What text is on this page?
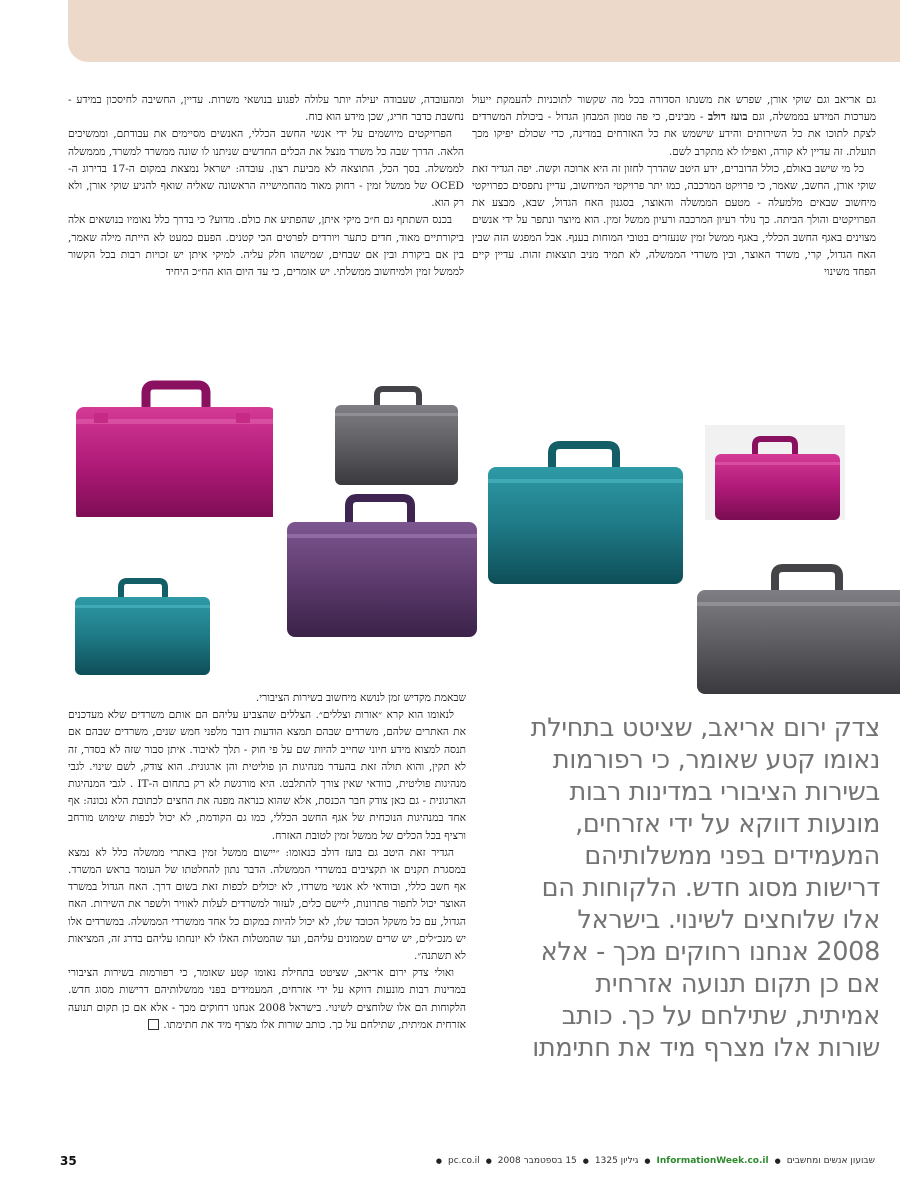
גם אריאב וגם שוקי אורן, שפרש את משנתו הסדורה בכל מה שקשור לתוכניות להעמקת ייעול מערכות המידע בממשלה, וגם בועז דולב - מבינים, כי פה טמון המבחן הגדול - ביכולת המשרדים לצקת לתוכו את כל השירותים והידע שישמש את כל האזרחים במדינה, כדי שכולם יפיקו מכך תועלת. זה עדיין לא קורה, ואפילו לא מתקרב לשם.

כל מי שישב באולם, כולל הדוברים, ידע היטב שהדרך לחזון זה היא ארוכה וקשה. יפה הגדיר זאת שוקי אורן, החשב, שאמר, כי פרויקט המרכבה, כמו יתר פרויקטי המיחשוב, עדיין נתפסים כפרויקטי מיחשוב שבאים מלמעלה - מטעם הממשלה והאוצר, בסגנון האח הגדול, שבא, מבצע את הפרויקטים והולך הביתה. כך נולד רעיון המרכבה ורעיון ממשל זמין. הוא מיוצר ונתפר על ידי אנשים מצוינים באגף החשב הכללי, באגף ממשל זמין שנעזרים בטובי המוחות בענף. אבל המפגש הזה שבין האח הגדול, קרי, משרד האוצר, ובין משרדי הממשלה, לא תמיד מניב תוצאות זהות. עדיין קיים הפחד משינוי

ומהעובדה, שעבודה יעילה יותר עלולה לפגוע בנושאי משרות. עדיין, החשיבה לחיסכון במידע - נחשבת כדבר חריג, שכן מידע הוא כוח.

הפרויקטים מיושמים על ידי אנשי החשב הכללי, האנשים מסיימים את עבודתם, וממשיכים הלאה. הדרך שבה כל משרד מנצל את הכלים החדשים שניתנו לו שונה ממשרד למשרד, מממשלה לממשלה. בסך הכל, התוצאה לא מביעת רצון. עובדה: ישראל נמצאת במקום ה-17 בדירוג ה-OCED של ממשל זמין - רחוק מאוד מהחמישייה הראשונה שאליה שואף להגיע שוקי אורן, ולא רק הוא.

בכנס השתתף גם ח״כ מיקי איתן, שהפתיע את כולם. מדוע? כי בדרך כלל נאומיו בנושאים אלה ביקורתיים מאוד, חדים כתער ויורדים לפרטים הכי קטנים. הפעם כמעט לא הייתה מילה שאמר, בין אם ביקורת ובין אם שבחים, שמישהו חלק עליה. למיקי איתן יש זכויות רבות בכל הקשור לממשל זמין ולמיחשוב ממשלתי. יש אומרים, כי עד היום הוא הח״כ היחיד

שבאמת מקדיש זמן לנושא מיחשוב בשירות הציבורי.

לנאומו הוא קרא ״אורות וצללים״. הצללים שהצביע עליהם הם אותם משרדים שלא מעדכנים את האתרים שלהם, משרדים שבהם תמצא הודעות דובר מלפני חמש שנים, משרדים שבהם אם תנסה למצוא מידע חיוני שחייב להיות שם על פי חוק - תלך לאיבוד. איתן סבור שזה לא בסדר, זה לא תקין, והוא תולה זאת בהעדר מנהיגות הן פוליטית והן ארגונית. הוא צודק, לשם שינוי. לגבי מנהיגות פוליטית, כוודאי שאין צורך להתלבט. היא מורגשת לא רק בתחום ה-IT . לגבי המנהיגות הארגונית - גם כאן צודק חבר הכנסת, אלא שהוא כנראה מפנה את החצים לכתובת הלא נכונה: אף אחד במנהיגות הנוכחית של אגף החשב הכללי, כמו גם הקודמת, לא יכול לכפות שימוש מורחב ורציף בכל הכלים של ממשל זמין לטובת האזרח.

הגדיר זאת היטב גם בועז דולב כנאומו: ״יישום ממשל זמין באתרי ממשלה כלל לא נמצא במסגרת תקנים או תקציבים במשרדי הממשלה. הדבר נתון להחלטתו של העומד בראש המשרד. אף חשב כללי, ובוודאי לא אנשי משרדו, לא יכולים לכפות זאת בשום דרך. האח הגדול במשרד האוצר יכול לתפור פתרונות, ליישם כלים, לעזור למשרדים לעלות לאוויר ולשפר את השירות. האח הגדול, עם כל משקל הכובד שלו, לא יכול להיות במקום כל אחד ממשרדי הממשלה. במשרדים אלו יש מנכ״לים, יש שרים שממונים עליהם, ועד שהמטלות האלו לא יונחתו עליהם בדרג זה, המציאות לא תשתנה״.

ואולי צדק ירום אריאב, שציטט בתחילת נאומו קטע שאומר, כי רפורמות בשירות הציבורי במדינות רבות מונעות דווקא על ידי אזרחים, המעמידים בפני ממשלותיהם דרישות מסוג חדש. הלקוחות הם אלו שלוחצים לשינוי. בישראל 2008 אנחנו רחוקים מכך - אלא אם כן תקום תנועה אזרחית אמיתית, שתילחם על כך. כותב שורות אלו מצרף מיד את חתימתו.

צדק ירום אריאב, שציטט בתחילת נאומו קטע שאומר, כי רפורמות בשירות הציבורי במדינות רבות מונעות דווקא על ידי אזרחים, המעמידים בפני ממשלותיהם דרישות מסוג חדש. הלקוחות הם אלו שלוחצים לשינוי. בישראל 2008 אנחנו רחוקים מכך - אלא אם כן תקום תנועה אזרחית אמיתית, שתילחם על כך. כותב שורות אלו מצרף מיד את חתימתו
שבועון אנשים ומחשבים
●
InformationWeek.co.il
●
גיליון 1325
●
15 בספטמבר 2008
●
pc.co.il
●
35
